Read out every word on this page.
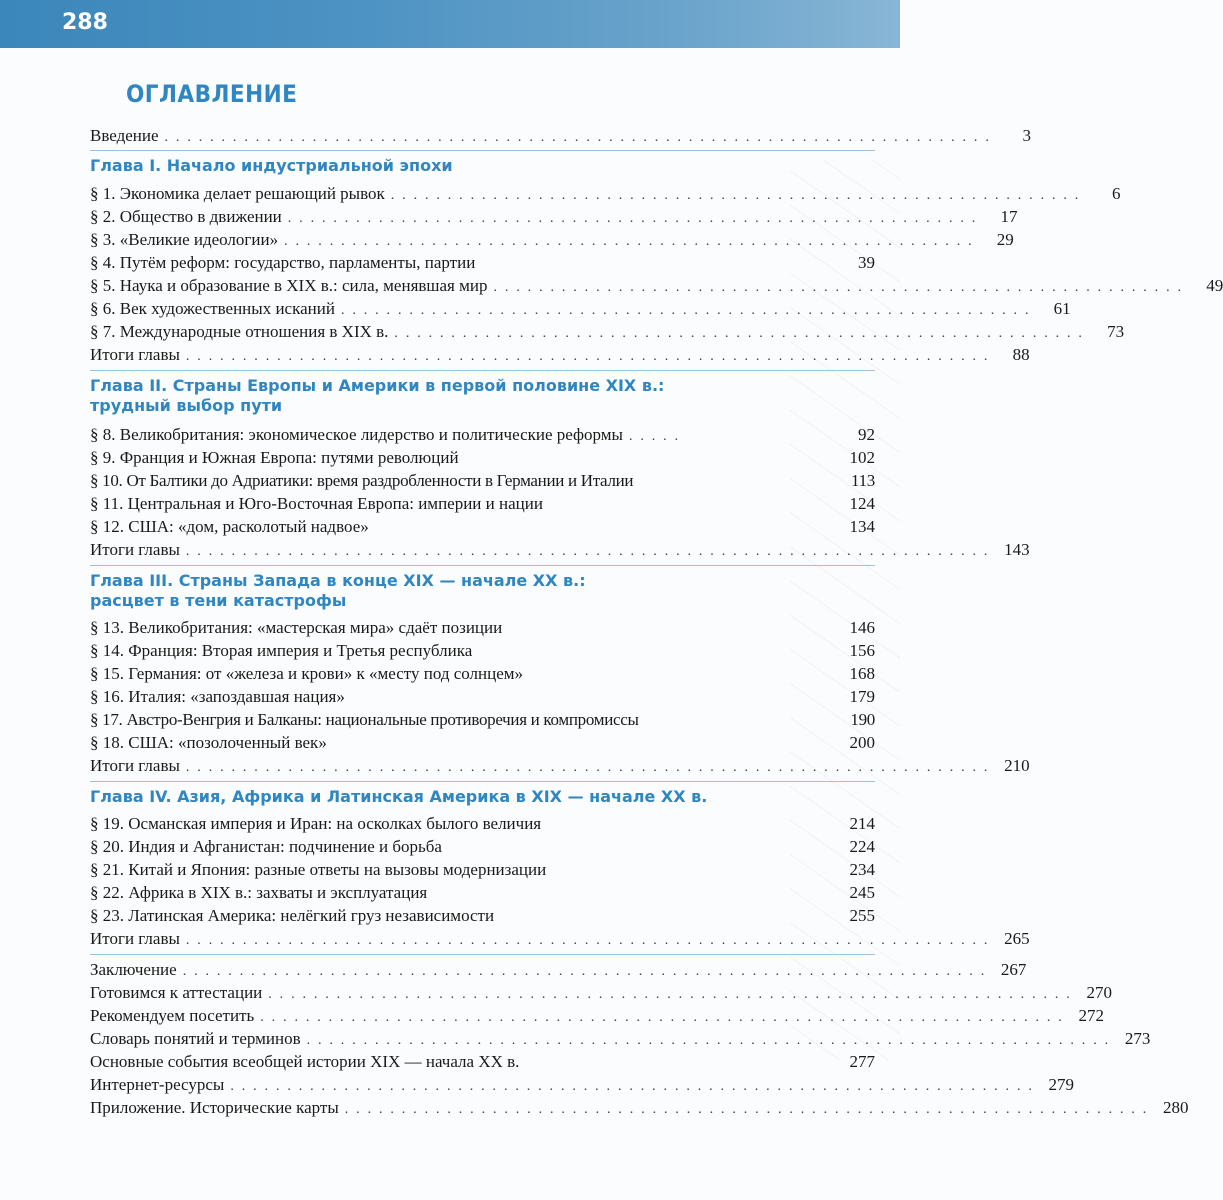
288
ОГЛАВЛЕНИЕ
Введение . . . . . . . . . . . . . . . . . . . . . . . . . . . . . . . . . . . . . . . . . . . . . . . . . . . . . . . . . . . . . . . . . . . . . . . . .	3
Глава I. Начало индустриальной эпохи
§ 1. Экономика делает решающий рывок . . . . . . . . . . . . . . . . . . . . . . . . . . . . . . . . . . . . . . . . . . . . . . . . . . . . . . . . . . . . .	6
§ 2. Общество в движении . . . . . . . . . . . . . . . . . . . . . . . . . . . . . . . . . . . . . . . . . . . . . . . . . . . . . . . . . . . . .	17
§ 3. «Великие идеологии» . . . . . . . . . . . . . . . . . . . . . . . . . . . . . . . . . . . . . . . . . . . . . . . . . . . . . . . . . . . . .	29
§ 4. Путём реформ: государство, парламенты, партии	39
§ 5. Наука и образование в XIX в.: сила, менявшая мир . . . . . . . . . . . . . . . . . . . . . . . . . . . . . . . . . . . . . . . . . . . . . . . . . . . . . . . . . . . . .	49
§ 6. Век художественных исканий . . . . . . . . . . . . . . . . . . . . . . . . . . . . . . . . . . . . . . . . . . . . . . . . . . . . . . . . . . . . .	61
§ 7. Международные отношения в XIX в. . . . . . . . . . . . . . . . . . . . . . . . . . . . . . . . . . . . . . . . . . . . . . . . . . . . . . . . . . . . . .	73
Итоги главы . . . . . . . . . . . . . . . . . . . . . . . . . . . . . . . . . . . . . . . . . . . . . . . . . . . . . . . . . . . . . . . . . . . . . . .	88
Глава II. Страны Европы и Америки в первой половине XIX в.:
трудный выбор пути
§ 8. Великобритания: экономическое лидерство и политические реформы . . . . .	92
§ 9. Франция и Южная Европа: путями революций	102
§ 10. От Балтики до Адриатики: время раздробленности в Германии и Италии	113
§ 11. Центральная и Юго-Восточная Европа: империи и нации	124
§ 12. США: «дом, расколотый надвое»	134
Итоги главы . . . . . . . . . . . . . . . . . . . . . . . . . . . . . . . . . . . . . . . . . . . . . . . . . . . . . . . . . . . . . . . . . . . . . . . 143
Глава III. Страны Запада в конце XIX — начале XX в.:
расцвет в тени катастрофы
§ 13. Великобритания: «мастерская мира» сдаёт позиции	146
§ 14. Франция: Вторая империя и Третья республика	156
§ 15. Германия: от «железа и крови» к «месту под солнцем»	168
§ 16. Италия: «запоздавшая нация»	179
§ 17. Австро-Венгрия и Балканы: национальные противоречия и компромиссы	190
§ 18. США: «позолоченный век»	200
Итоги главы . . . . . . . . . . . . . . . . . . . . . . . . . . . . . . . . . . . . . . . . . . . . . . . . . . . . . . . . . . . . . . . . . . . . . . . 210
Глава IV. Азия, Африка и Латинская Америка в XIX — начале XX в.
§ 19. Османская империя и Иран: на осколках былого величия	214
§ 20. Индия и Афганистан: подчинение и борьба	224
§ 21. Китай и Япония: разные ответы на вызовы модернизации	234
§ 22. Африка в XIX в.: захваты и эксплуатация	245
§ 23. Латинская Америка: нелёгкий груз независимости	255
Итоги главы . . . . . . . . . . . . . . . . . . . . . . . . . . . . . . . . . . . . . . . . . . . . . . . . . . . . . . . . . . . . . . . . . . . . . . . 265
Заключение . . . . . . . . . . . . . . . . . . . . . . . . . . . . . . . . . . . . . . . . . . . . . . . . . . . . . . . . . . . . . . . . . . . . . . . 267
Готовимся к аттестации . . . . . . . . . . . . . . . . . . . . . . . . . . . . . . . . . . . . . . . . . . . . . . . . . . . . . . . . . . . . . . . . . . . . . . . 270
Рекомендуем посетить . . . . . . . . . . . . . . . . . . . . . . . . . . . . . . . . . . . . . . . . . . . . . . . . . . . . . . . . . . . . . . . . . . . . . . . 272
Словарь понятий и терминов . . . . . . . . . . . . . . . . . . . . . . . . . . . . . . . . . . . . . . . . . . . . . . . . . . . . . . . . . . . . . . . . . . . . . . . 273
Основные события всеобщей истории XIX — начала XX в.	277
Интернет-ресурсы . . . . . . . . . . . . . . . . . . . . . . . . . . . . . . . . . . . . . . . . . . . . . . . . . . . . . . . . . . . . . . . . . . . . . . . 279
Приложение. Исторические карты . . . . . . . . . . . . . . . . . . . . . . . . . . . . . . . . . . . . . . . . . . . . . . . . . . . . . . . . . . . . . . . . . . . . . . . 280
